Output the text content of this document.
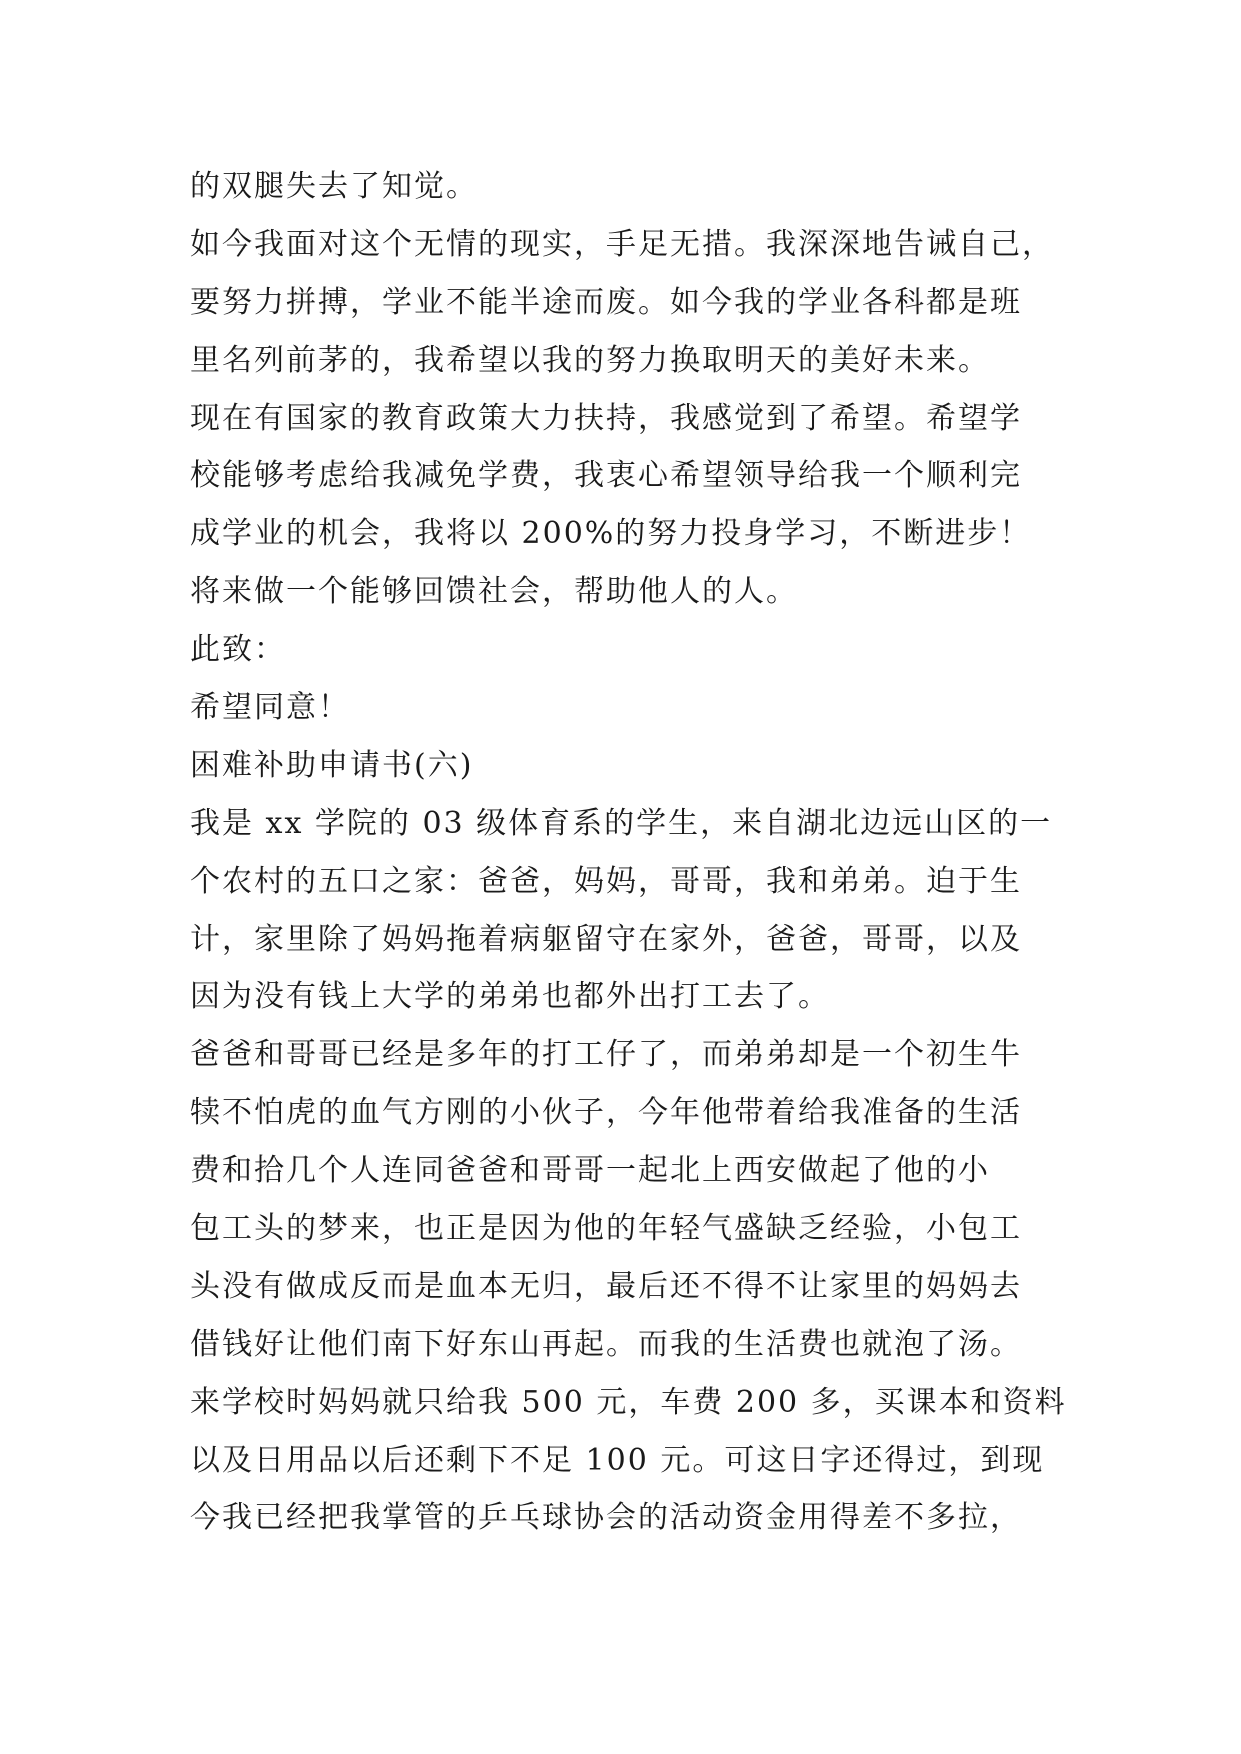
的双腿失去了知觉。
如今我面对这个无情的现实，手足无措。我深深地告诫自己，
要努力拼搏，学业不能半途而废。如今我的学业各科都是班
里名列前茅的，我希望以我的努力换取明天的美好未来。
现在有国家的教育政策大力扶持，我感觉到了希望。希望学
校能够考虑给我减免学费，我衷心希望领导给我一个顺利完
成学业的机会，我将以 200%的努力投身学习，不断进步！
将来做一个能够回馈社会，帮助他人的人。
此致：
希望同意！
困难补助申请书(六)
我是 xx 学院的 03 级体育系的学生，来自湖北边远山区的一
个农村的五口之家：爸爸，妈妈，哥哥，我和弟弟。迫于生
计，家里除了妈妈拖着病躯留守在家外，爸爸，哥哥，以及
因为没有钱上大学的弟弟也都外出打工去了。
爸爸和哥哥已经是多年的打工仔了，而弟弟却是一个初生牛
犊不怕虎的血气方刚的小伙子，今年他带着给我准备的生活
费和拾几个人连同爸爸和哥哥一起北上西安做起了他的小
包工头的梦来，也正是因为他的年轻气盛缺乏经验，小包工
头没有做成反而是血本无归，最后还不得不让家里的妈妈去
借钱好让他们南下好东山再起。而我的生活费也就泡了汤。
来学校时妈妈就只给我 500 元，车费 200 多，买课本和资料
以及日用品以后还剩下不足 100 元。可这日字还得过，到现
今我已经把我掌管的乒乓球协会的活动资金用得差不多拉，
